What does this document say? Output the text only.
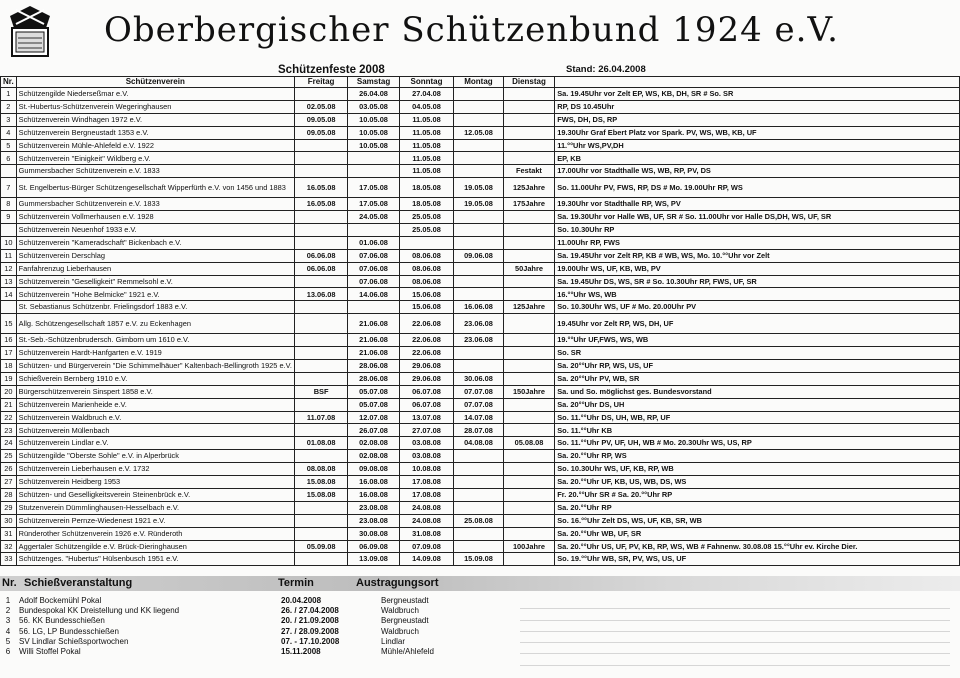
Oberbergischer Schützenbund 1924 e.V.
Schützenfeste 2008	Stand: 26.04.2008
Nr.	Schützenverein	Freitag	Samstag	Sonntag	Montag	Dienstag	
1	Schützengilde Niederseßmar e.V.		26.04.08	27.04.08			Sa. 19.45Uhr vor Zelt EP, WS, KB, DH, SR # So. SR
2	St.-Hubertus-Schützenverein Wegeringhausen	02.05.08	03.05.08	04.05.08			RP, DS 10.45Uhr
3	Schützenverein Windhagen 1972 e.V.	09.05.08	10.05.08	11.05.08			FWS, DH, DS, RP
4	Schützenverein Bergneustadt 1353 e.V.	09.05.08	10.05.08	11.05.08	12.05.08		19.30Uhr Graf Ebert Platz vor Spark. PV, WS, WB, KB, UF
5	Schützenverein Mühle-Ahlefeld e.V. 1922		10.05.08	11.05.08			11.°°Uhr WS,PV,DH
6	Schützenverein "Einigkeit" Wildberg e.V.			11.05.08			EP, KB
	Gummersbacher Schützenverein e.V. 1833			11.05.08		Festakt	17.00Uhr vor Stadthalle WS, WB, RP, PV, DS
7	St. Engelbertus-Bürger Schützengesellschaft Wipperfürth e.V. von 1456 und 1883	16.05.08	17.05.08	18.05.08	19.05.08	125Jahre	So. 11.00Uhr PV, FWS, RP, DS # Mo. 19.00Uhr RP, WS
8	Gummersbacher Schützenverein e.V. 1833	16.05.08	17.05.08	18.05.08	19.05.08	175Jahre	19.30Uhr vor Stadthalle RP, WS, PV
9	Schützenverein Vollmerhausen e.V. 1928		24.05.08	25.05.08			Sa. 19.30Uhr vor Halle WB, UF, SR # So. 11.00Uhr vor Halle DS,DH, WS, UF, SR
	Schützenverein Neuenhof 1933 e.V.			25.05.08			So. 10.30Uhr RP
10	Schützenverein "Kameradschaft" Bickenbach e.V.		01.06.08				11.00Uhr RP, FWS
11	Schützenverein Derschlag	06.06.08	07.06.08	08.06.08	09.06.08		Sa. 19.45Uhr vor Zelt RP, KB # WB, WS, Mo. 10.°°Uhr vor Zelt
12	Fanfahrenzug Lieberhausen	06.06.08	07.06.08	08.06.08		50Jahre	19.00Uhr WS, UF, KB, WB, PV
13	Schützenverein "Geselligkeit" Remmelsohl e.V.		07.06.08	08.06.08			Sa. 19.45Uhr DS, WS, SR # So. 10.30Uhr RP, FWS, UF, SR
14	Schützenverein "Hohe Belmicke" 1921 e.V.	13.06.08	14.06.08	15.06.08			16.°°Uhr WS, WB
	St. Sebastianus Schützenbr. Frielingsdorf 1883 e.V.			15.06.08	16.06.08	125Jahre	So. 10.30Uhr WS, UF # Mo. 20.00Uhr PV
15	Allg. Schützengesellschaft 1857 e.V. zu Eckenhagen		21.06.08	22.06.08	23.06.08		19.45Uhr vor Zelt RP, WS, DH, UF
16	St.-Seb.-Schützenbrudersch. Gimborn um 1610 e.V.		21.06.08	22.06.08	23.06.08		19.°°Uhr UF,FWS, WS, WB
17	Schützenverein Hardt-Hanfgarten e.V. 1919		21.06.08	22.06.08			So. SR
18	Schützen- und Bürgerverein "Die Schimmelhäuer" Kaltenbach-Bellingroth 1925 e.V.		28.06.08	29.06.08			Sa. 20°°Uhr RP, WS, US, UF
19	Schießverein Bernberg 1910 e.V.		28.06.08	29.06.08	30.06.08		Sa. 20°°Uhr PV, WB, SR
20	Bürgerschützenverein Sinspert 1858 e.V.	BSF	05.07.08	06.07.08	07.07.08	150Jahre	Sa. und So. möglichst ges. Bundesvorstand
21	Schützenverein Marienheide e.V.		05.07.08	06.07.08	07.07.08		Sa. 20°°Uhr DS, UH
22	Schützenverein Waldbruch e.V.	11.07.08	12.07.08	13.07.08	14.07.08		So. 11.°°Uhr DS, UH, WB, RP, UF
23	Schützenverein Müllenbach		26.07.08	27.07.08	28.07.08		So. 11.°°Uhr KB
24	Schützenverein Lindlar e.V.	01.08.08	02.08.08	03.08.08	04.08.08	05.08.08	So. 11.°°Uhr PV, UF, UH, WB # Mo. 20.30Uhr WS, US, RP
25	Schützengilde "Oberste Sohle" e.V. in Alperbrück		02.08.08	03.08.08			Sa. 20.°°Uhr RP, WS
26	Schützenverein Lieberhausen e.V. 1732	08.08.08	09.08.08	10.08.08			So. 10.30Uhr WS, UF, KB, RP, WB
27	Schützenverein Heidberg 1953	15.08.08	16.08.08	17.08.08			Sa. 20.°°Uhr UF, KB, US, WB, DS, WS
28	Schützen- und Geselligkeitsverein Steinenbrück e.V.	15.08.08	16.08.08	17.08.08			Fr. 20.°°Uhr SR # Sa. 20.°°Uhr RP
29	Stutzenverein Dümmlinghausen-Hesselbach e.V.		23.08.08	24.08.08			Sa. 20.°°Uhr RP
30	Schützenverein Pernze-Wiedenest 1921 e.V.		23.08.08	24.08.08	25.08.08		So. 16.°°Uhr Zelt DS, WS, UF, KB, SR, WB
31	Ründerother Schützenverein 1926 e.V. Ründeroth		30.08.08	31.08.08			Sa. 20.°°Uhr WB, UF, SR
32	Aggertaler Schützengilde e.V. Brück-Dieringhausen	05.09.08	06.09.08	07.09.08		100Jahre	Sa. 20.°°Uhr US, UF, PV, KB, RP, WS, WB # Fahnenw. 30.08.08 15.°°Uhr ev. Kirche Dier.
33	Schützenges. "Hubertus" Hülsenbusch 1951 e.V.		13.09.08	14.09.08	15.09.08		So. 19.°°Uhr WB, SR, PV, WS, US, UF
Nr. Schießveranstaltung	Termin	Austragungsort
1	Adolf Bockemühl Pokal	20.04.2008	Bergneustadt
2	Bundespokal KK Dreistellung und KK liegend	26. / 27.04.2008	Waldbruch
3	56. KK Bundesschießen	20. / 21.09.2008	Bergneustadt
4	56. LG, LP Bundesschießen	27. / 28.09.2008	Waldbruch
5	SV Lindlar Schießsportwochen	07. - 17.10.2008	Lindlar
6	Willi Stoffel Pokal	15.11.2008	Mühle/Ahlefeld
